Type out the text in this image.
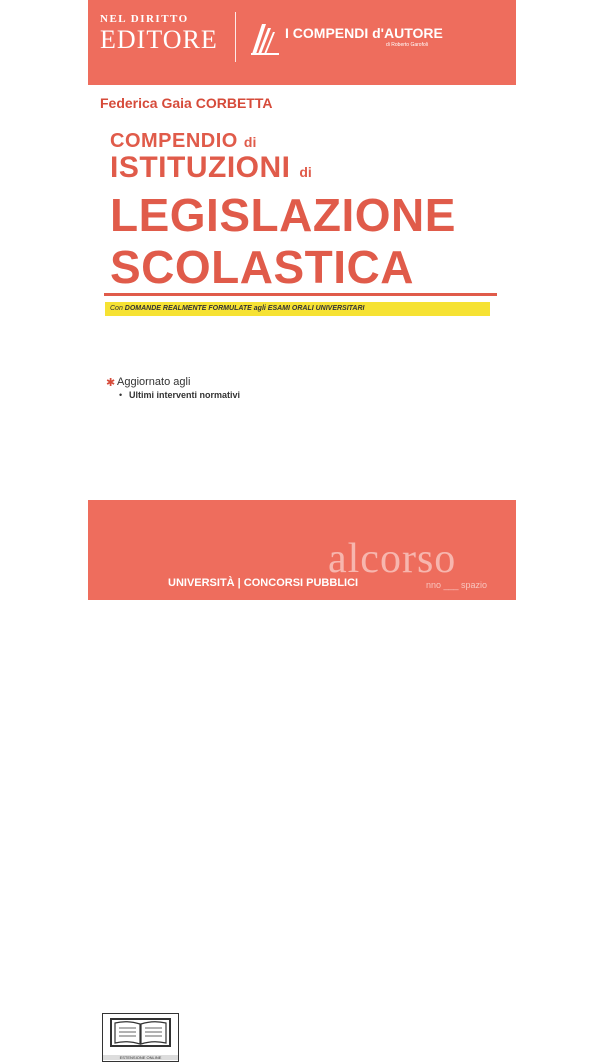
NEL DIRITTO
EDITORE	I COMPENDI d'AUTORE
di Roberto Garofoli
Federica Gaia CORBETTA
COMPENDIO di
ISTITUZIONI di
LEGISLAZIONE
SCOLASTICA
Con DOMANDE REALMENTE FORMULATE agli ESAMI ORALI UNIVERSITARI
✱ Aggiornato agli
• Ultimi interventi normativi
ESTENSIONE ONLINE
IV EDIZIONE | 2020
alcorso
nno ___ spazio
UNIVERSITÀ | CONCORSI PUBBLICI
